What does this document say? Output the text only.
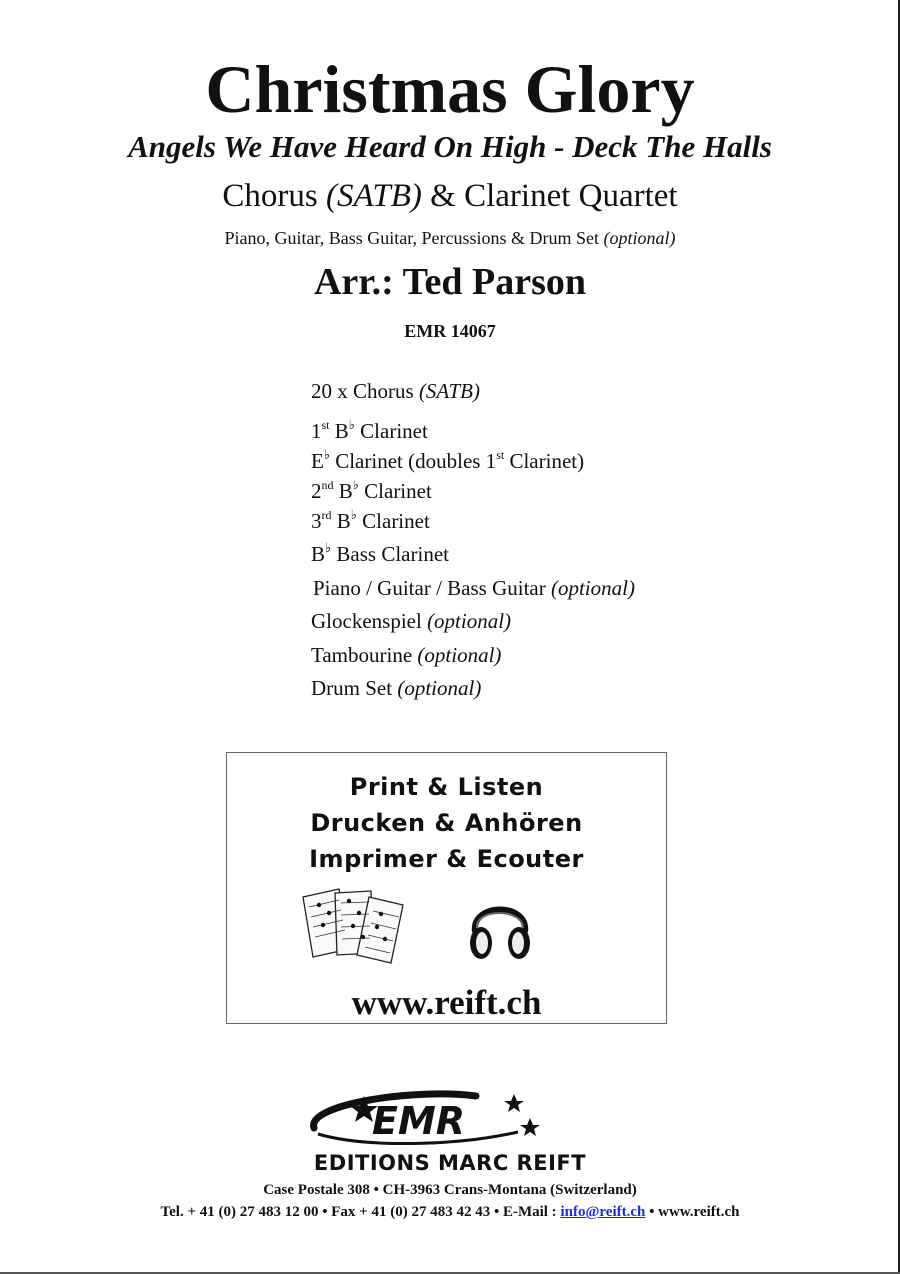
Christmas Glory
Angels We Have Heard On High - Deck The Halls
Chorus (SATB) & Clarinet Quartet
Piano, Guitar, Bass Guitar, Percussions & Drum Set (optional)
Arr.: Ted Parson
EMR 14067
20 x Chorus (SATB)
1st B♭ Clarinet
E♭ Clarinet (doubles 1st Clarinet)
2nd B♭ Clarinet
3rd B♭ Clarinet
B♭ Bass Clarinet
Piano / Guitar / Bass Guitar (optional)
Glockenspiel (optional)
Tambourine (optional)
Drum Set (optional)
Print & Listen
Drucken & Anhören
Imprimer & Ecouter
www.reift.ch
EMR
EDITIONS MARC REIFT
Case Postale 308 • CH-3963 Crans-Montana (Switzerland)
Tel. + 41 (0) 27 483 12 00 • Fax + 41 (0) 27 483 42 43 • E-Mail : info@reift.ch • www.reift.ch
